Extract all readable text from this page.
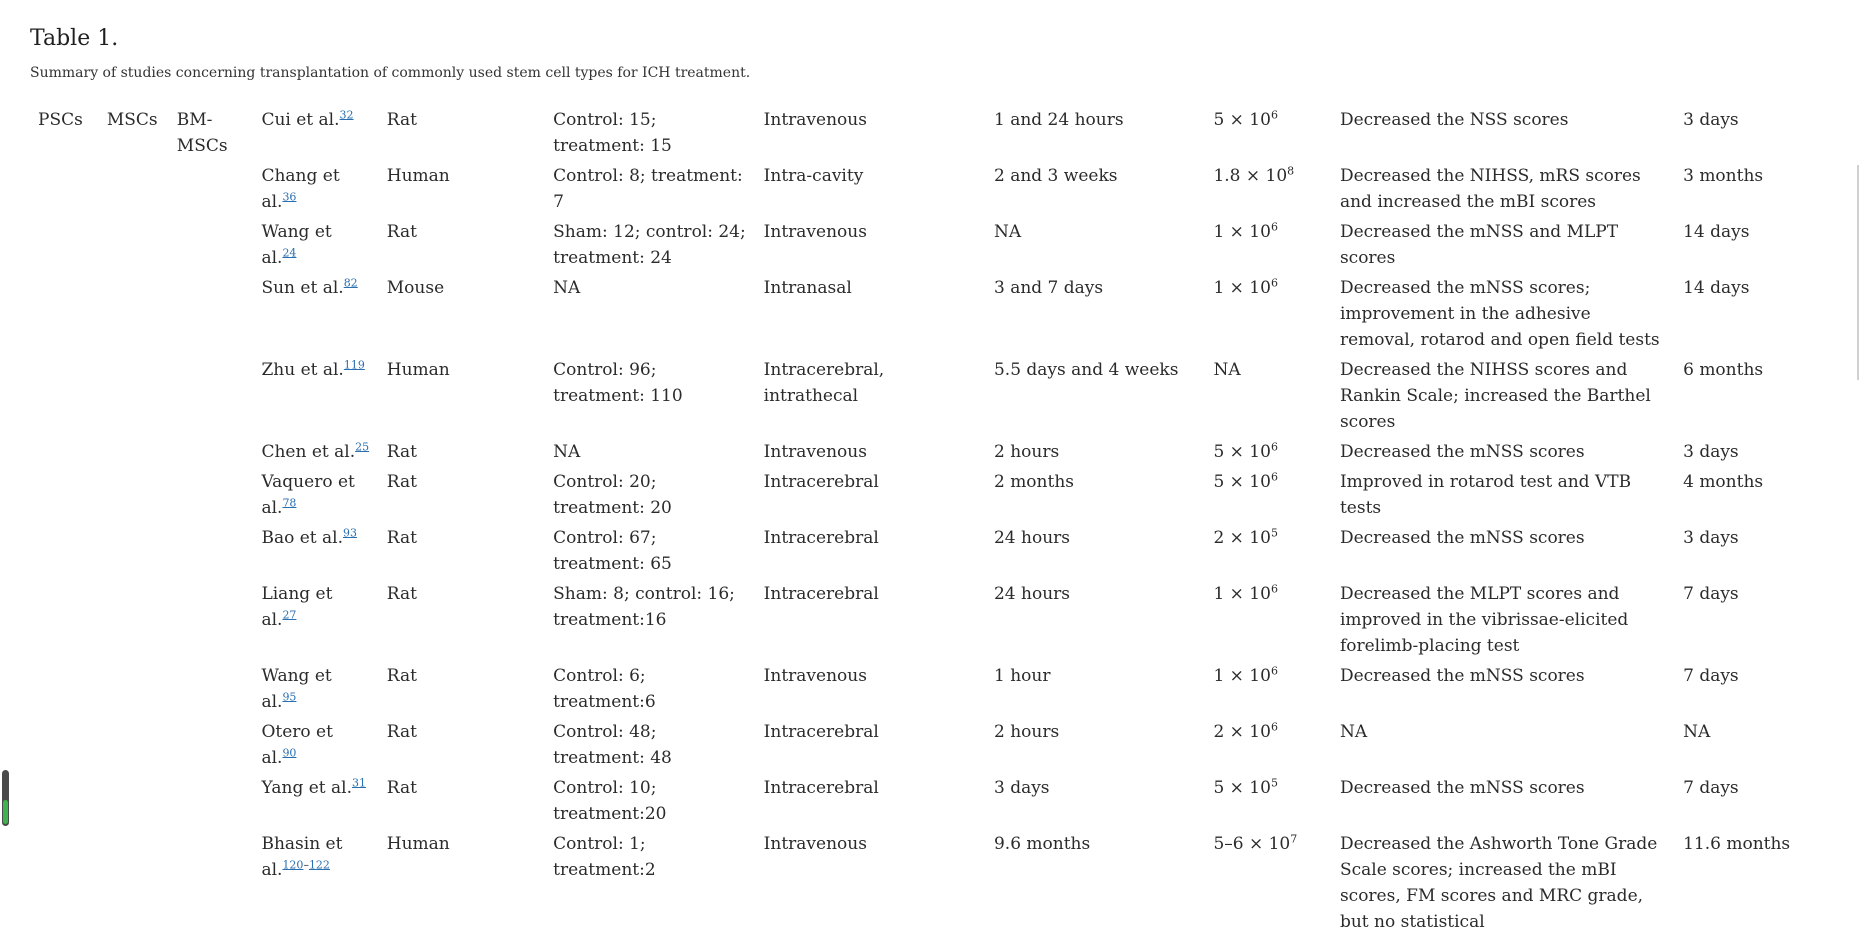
Table 1.

Summary of studies concerning transplantation of commonly used stem cell types for ICH treatment.

PSCs	MSCs	BM-MSCs	Cui et al.$^{32}$	Rat	Control: 15; treatment: 15	Intravenous	1 and 24 hours	$5 \times 10^6$	Decreased the NSS scores	3 days
			Chang et al.$^{36}$	Human	Control: 8; treatment: 7	Intra-cavity	2 and 3 weeks	$1.8 \times 10^8$	Decreased the NIHSS, mRS scores and increased the mBI scores	3 months
			Wang et al.$^{24}$	Rat	Sham: 12; control: 24; treatment: 24	Intravenous	NA	$1 \times 10^6$	Decreased the mNSS and MLPT scores	14 days
			Sun et al.$^{82}$	Mouse	NA	Intranasal	3 and 7 days	$1 \times 10^6$	Decreased the mNSS scores; improvement in the adhesive removal, rotarod and open field tests	14 days
			Zhu et al.$^{119}$	Human	Control: 96; treatment: 110	Intracerebral, intrathecal	5.5 days and 4 weeks	NA	Decreased the NIHSS scores and Rankin Scale; increased the Barthel scores	6 months
			Chen et al.$^{25}$	Rat	NA	Intravenous	2 hours	$5 \times 10^6$	Decreased the mNSS scores	3 days
			Vaquero et al.$^{78}$	Rat	Control: 20; treatment: 20	Intracerebral	2 months	$5 \times 10^6$	Improved in rotarod test and VTB tests	4 months
			Bao et al.$^{93}$	Rat	Control: 67; treatment: 65	Intracerebral	24 hours	$2 \times 10^5$	Decreased the mNSS scores	3 days
			Liang et al.$^{27}$	Rat	Sham: 8; control: 16; treatment:16	Intracerebral	24 hours	$1 \times 10^6$	Decreased the MLPT scores and improved in the vibrissae-elicited forelimb-placing test	7 days
			Wang et al.$^{95}$	Rat	Control: 6; treatment:6	Intravenous	1 hour	$1 \times 10^6$	Decreased the mNSS scores	7 days
			Otero et al.$^{90}$	Rat	Control: 48; treatment: 48	Intracerebral	2 hours	$2 \times 10^6$	NA	NA
			Yang et al.$^{31}$	Rat	Control: 10; treatment:20	Intracerebral	3 days	$5 \times 10^5$	Decreased the mNSS scores	7 days
			Bhasin et al.$^{120-122}$	Human	Control: 1; treatment:2	Intravenous	9.6 months	$5-6 \times 10^7$	Decreased the Ashworth Tone Grade Scale scores; increased the mBI scores, FM scores and MRC grade, but no statistical	11.6 months
